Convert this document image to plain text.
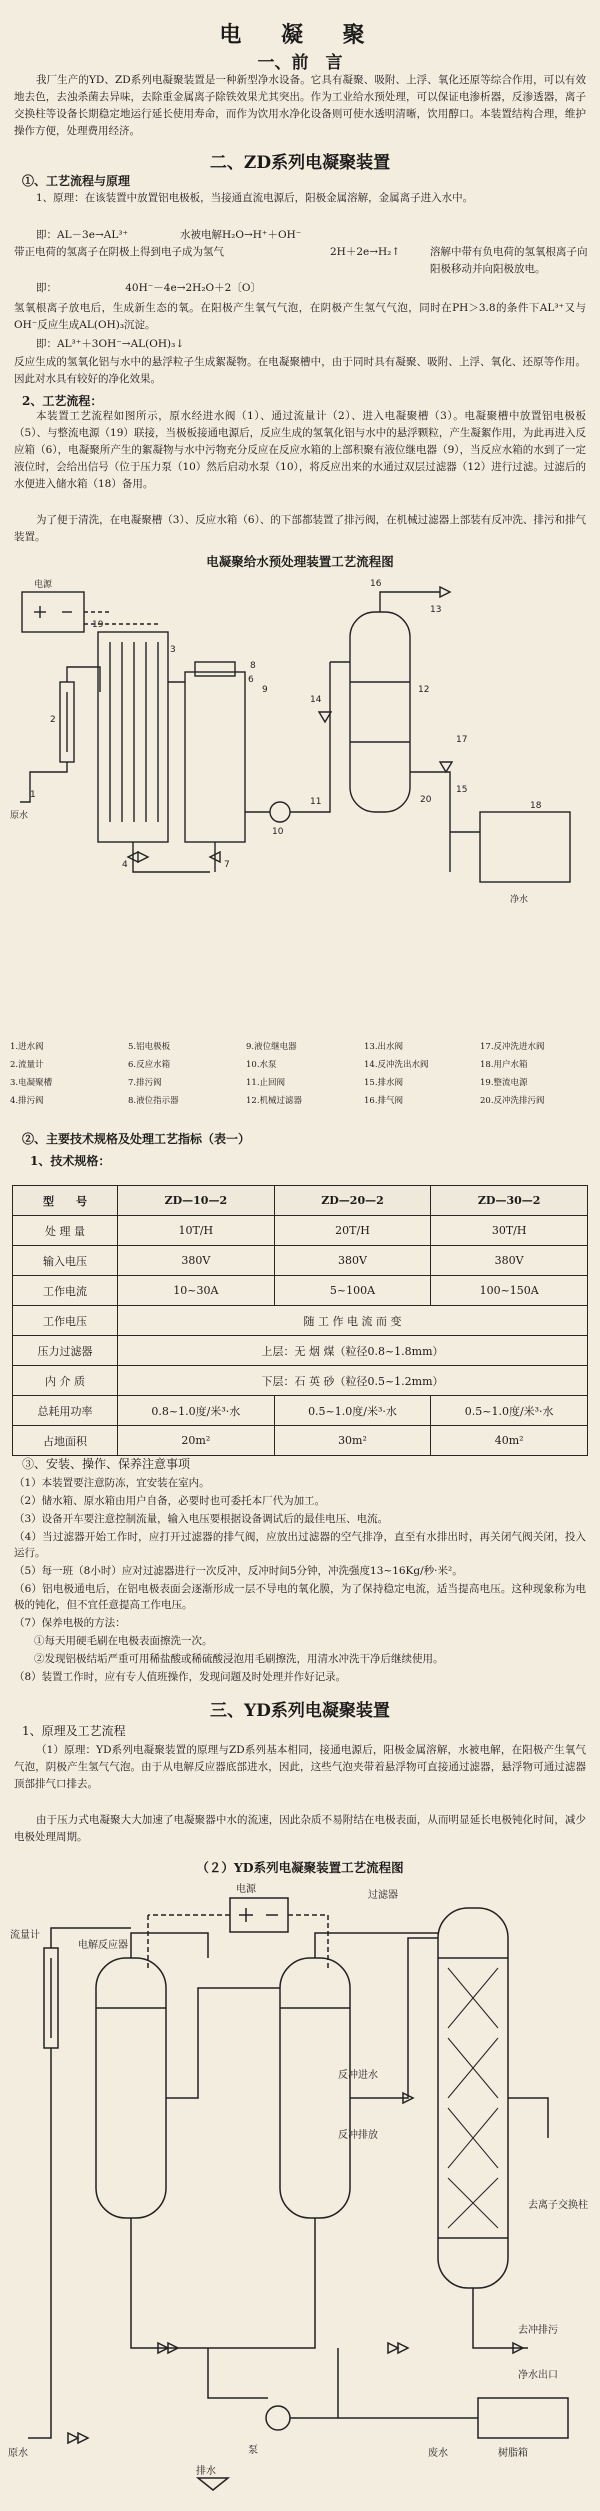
电 凝 聚
一、前　言

我厂生产的YD、ZD系列电凝聚装置是一种新型净水设备。它具有凝聚、吸附、上浮、氧化还原等综合作用，可以有效地去色，去浊杀菌去异味，去除重金属离子除铁效果尤其突出。作为工业给水预处理，可以保证电渗析器，反渗透器，离子交换柱等设备长期稳定地运行延长使用寿命，而作为饮用水净化设备则可使水透明清晰，饮用醇口。本装置结构合理，维护操作方便，处理费用经济。

二、ZD系列电凝聚装置

①、工艺流程与原理

1、原理：在该装置中放置铝电极板，当接通直流电源后，阳极金属溶解，金属离子进入水中。

即：AL－3e→AL³⁺	水被电解H₂O→H⁺＋OH⁻

带正电荷的氢离子在阴极上得到电子成为氢气	2H＋2e→H₂↑	溶解中带有负电荷的氢氧根离子向阳极移动并向阳极放电。

即：　　　　　　　40H⁻－4e→2H₂O＋2〔O〕

氢氧根离子放电后，生成新生态的氧。在阳极产生氧气气泡，在阴极产生氢气气泡，同时在PH＞3.8的条件下AL³⁺又与OH⁻反应生成AL(OH)₃沉淀。

即：AL³⁺＋3OH⁻→AL(OH)₃↓

反应生成的氢氧化铝与水中的悬浮粒子生成絮凝物。在电凝聚槽中，由于同时具有凝聚、吸附、上浮、氧化、还原等作用。因此对水具有较好的净化效果。

2、工艺流程：

本装置工艺流程如图所示，原水经进水阀（1）、通过流量计（2）、进入电凝聚槽（3）。电凝聚槽中放置铝电极板（5）、与整流电源（19）联接，当极板接通电源后，反应生成的氢氧化铝与水中的悬浮颗粒，产生凝絮作用，为此再进入反应箱（6），电凝聚所产生的絮凝物与水中污物充分反应在反应水箱的上部积聚有液位继电器（9），当反应水箱的水到了一定液位时，会给出信号（位于压力泵（10）然后启动水泵（10），将反应出来的水通过双层过滤器（12）进行过滤。过滤后的水便进入储水箱（18）备用。

为了便于清洗，在电凝聚槽（3）、反应水箱（6）、的下部都装置了排污阀，在机械过滤器上部装有反冲洗、排污和排气装置。

电凝聚给水预处理装置工艺流程图

1
2
19
3
6
4	7
8
9
10
11
12
13
14
15
16
17
18
20
电源
原水
净水
1.进水阀
2.流量计
3.电凝聚槽
4.排污阀
5.铝电极板
6.反应水箱
7.排污阀
8.液位指示器
9.液位继电器
10.水泵
11.止回阀
12.机械过滤器
13.出水阀
14.反冲洗出水阀
15.排水阀
16.排气阀
17.反冲洗进水阀
18.用户水箱
19.整流电源
20.反冲洗排污阀

②、主要技术规格及处理工艺指标（表一）

1、技术规格：

型　　号	ZD—10—2	ZD—20—2	ZD—30—2
处 理 量	10T/H	20T/H	30T/H
输入电压	380V	380V	380V
工作电流	10~30A	5~100A	100~150A
工作电压	随 工 作 电 流 而 变		
压力过滤器	上层：无 烟 煤（粒径0.8~1.8mm）		
内 介 质	下层：石 英 砂（粒径0.5~1.2mm）		
总耗用功率	0.8~1.0度/米³·水	0.5~1.0度/米³·水	0.5~1.0度/米³·水
占地面积	20m²	30m²	40m²

③、安装、操作、保养注意事项

（1）本装置要注意防冻，宜安装在室内。

（2）储水箱、原水箱由用户自备，必要时也可委托本厂代为加工。

（3）设备开车要注意控制流量，输入电压要根据设备调试后的最佳电压、电流。

（4）当过滤器开始工作时，应打开过滤器的排气阀，应放出过滤器的空气排净，直至有水排出时，再关闭气阀关闭，投入运行。

（5）每一班（8小时）应对过滤器进行一次反冲，反冲时间5分钟，冲洗强度13~16Kg/秒·米²。

（6）铝电极通电后，在铝电极表面会逐渐形成一层不导电的氧化膜，为了保持稳定电流，适当提高电压。这种现象称为电极的钝化，但不宜任意提高工作电压。

（7）保养电极的方法：

①每天用硬毛刷在电极表面擦洗一次。

②发现铝极结垢严重可用稀盐酸或稀硫酸浸泡用毛刷擦洗，用清水冲洗干净后继续使用。

（8）装置工作时，应有专人值班操作，发现问题及时处理并作好记录。

三、YD系列电凝聚装置

1、原理及工艺流程

（1）原理：YD系列电凝聚装置的原理与ZD系列基本相同，接通电源后，阳极金属溶解，水被电解，在阳极产生氧气气泡，阴极产生氢气气泡。由于从电解反应器底部进水，因此，这些气泡夹带着悬浮物可直接通过滤器，悬浮物可通过滤器顶部排气口排去。

由于压力式电凝聚大大加速了电凝聚器中水的流速，因此杂质不易附结在电极表面，从而明显延长电极钝化时间，减少电极处理周期。

（２）YD系列电凝聚装置工艺流程图

电源
流量计
电解反应器
过滤器
反冲进水
反冲排放
去离子交换柱
去冲排污
净水出口
原水	泵
排水
树脂箱
废水
